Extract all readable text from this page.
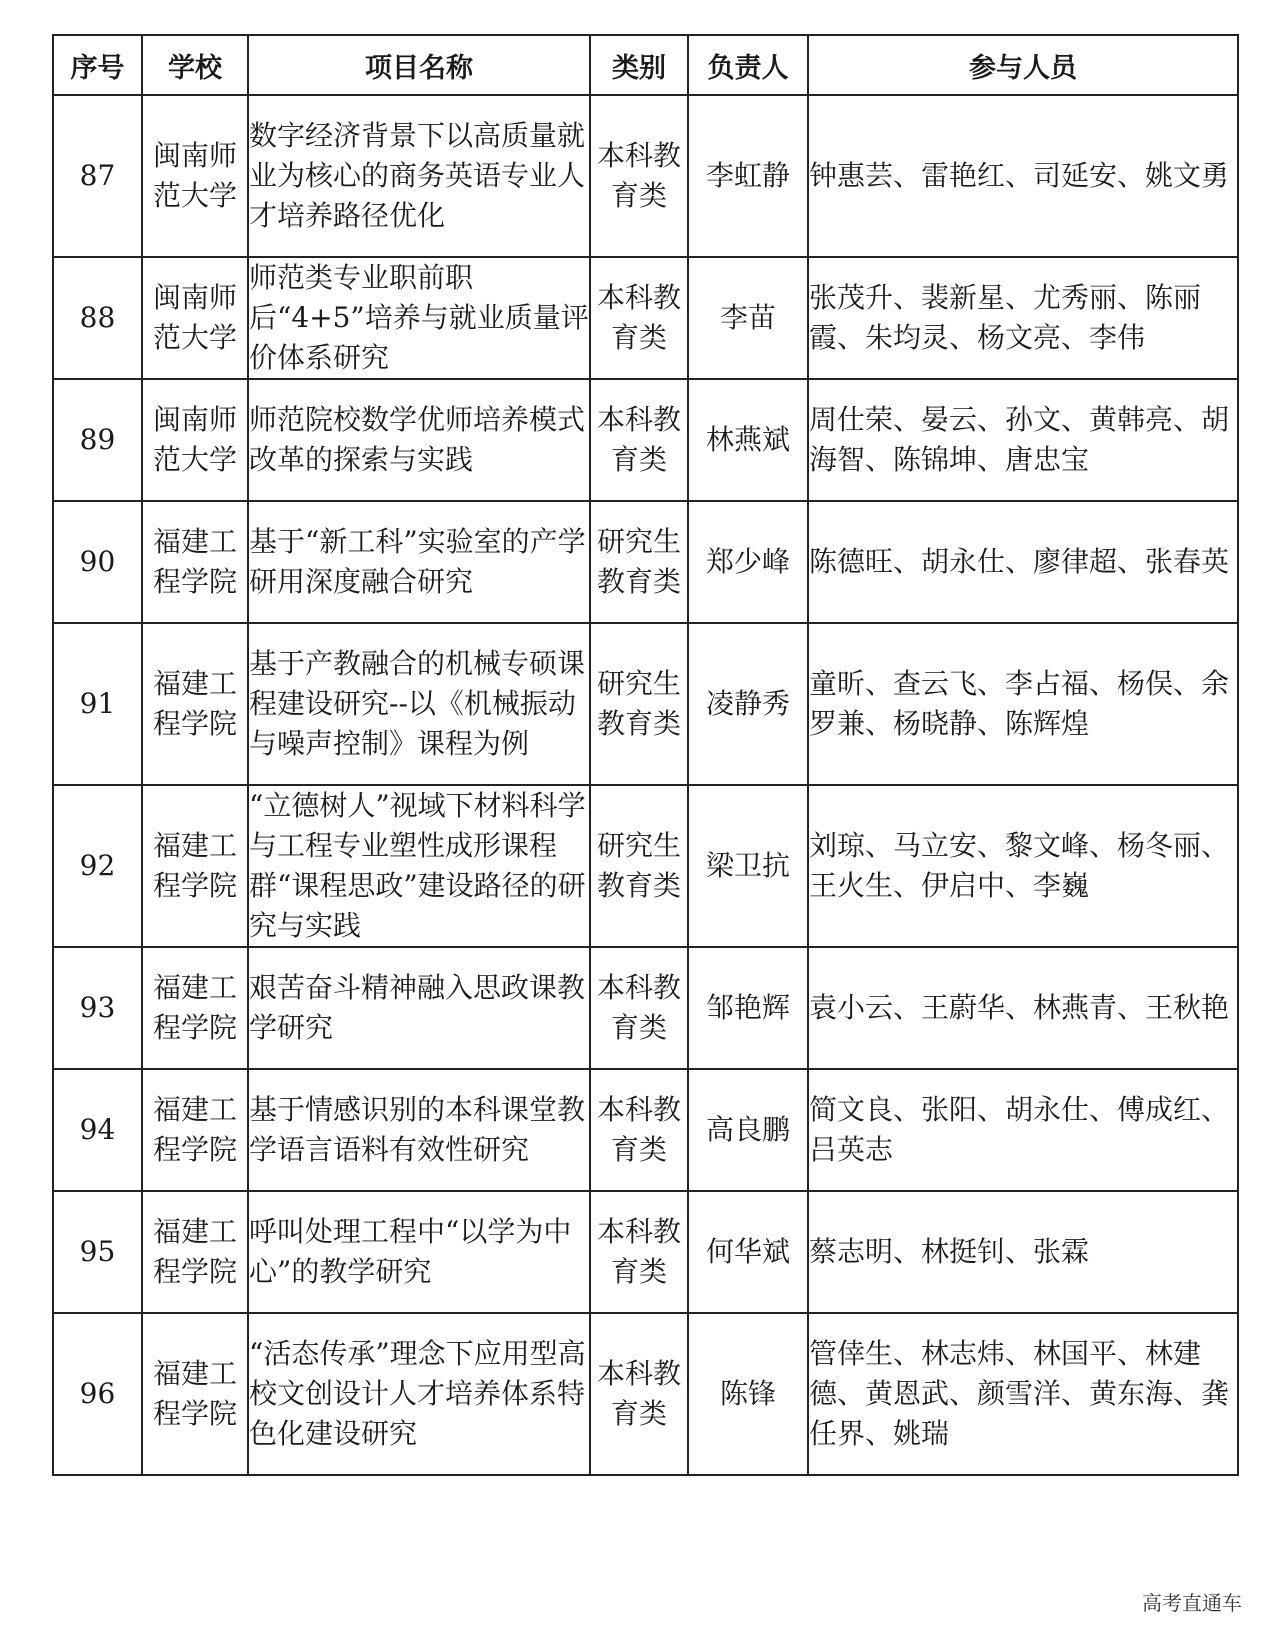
序号	学校	项目名称	类别	负责人	参与人员
87	闽南师范大学	数字经济背景下以高质量就业为核心的商务英语专业人才培养路径优化	本科教育类	李虹静	钟惠芸、雷艳红、司延安、姚文勇
88	闽南师范大学	师范类专业职前职后“4+5”培养与就业质量评价体系研究	本科教育类	李苗	张茂升、裴新星、尤秀丽、陈丽霞、朱均灵、杨文亮、李伟
89	闽南师范大学	师范院校数学优师培养模式改革的探索与实践	本科教育类	林燕斌	周仕荣、晏云、孙文、黄韩亮、胡海智、陈锦坤、唐忠宝
90	福建工程学院	基于“新工科”实验室的产学研用深度融合研究	研究生教育类	郑少峰	陈德旺、胡永仕、廖律超、张春英
91	福建工程学院	基于产教融合的机械专硕课程建设研究--以《机械振动与噪声控制》课程为例	研究生教育类	凌静秀	童昕、查云飞、李占福、杨俣、余罗兼、杨晓静、陈辉煌
92	福建工程学院	“立德树人”视域下材料科学与工程专业塑性成形课程群“课程思政”建设路径的研究与实践	研究生教育类	梁卫抗	刘琼、马立安、黎文峰、杨冬丽、王火生、伊启中、李巍
93	福建工程学院	艰苦奋斗精神融入思政课教学研究	本科教育类	邹艳辉	袁小云、王蔚华、林燕青、王秋艳
94	福建工程学院	基于情感识别的本科课堂教学语言语料有效性研究	本科教育类	高良鹏	简文良、张阳、胡永仕、傅成红、吕英志
95	福建工程学院	呼叫处理工程中“以学为中心”的教学研究	本科教育类	何华斌	蔡志明、林挺钊、张霖
96	福建工程学院	“活态传承”理念下应用型高校文创设计人才培养体系特色化建设研究	本科教育类	陈锋	管倖生、林志炜、林国平、林建德、黄恩武、颜雪洋、黄东海、龚任界、姚瑞
高考直通车
